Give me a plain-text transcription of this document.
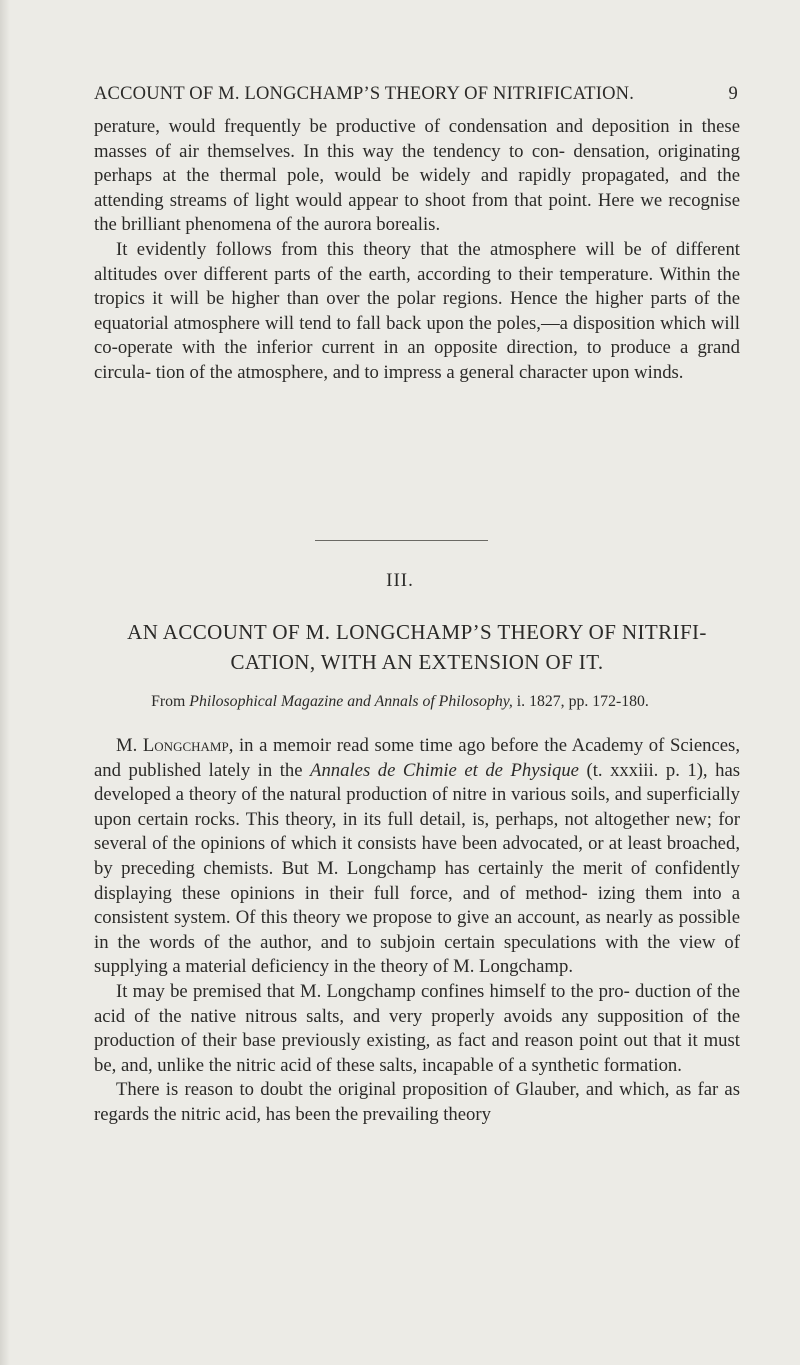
ACCOUNT OF M. LONGCHAMP’S THEORY OF NITRIFICATION.	9

perature, would frequently be productive of condensation and deposition in these masses of air themselves. In this way the tendency to con- densation, originating perhaps at the thermal pole, would be widely and rapidly propagated, and the attending streams of light would appear to shoot from that point. Here we recognise the brilliant phenomena of the aurora borealis.

It evidently follows from this theory that the atmosphere will be of different altitudes over different parts of the earth, according to their temperature. Within the tropics it will be higher than over the polar regions. Hence the higher parts of the equatorial atmosphere will tend to fall back upon the poles,—a disposition which will co-operate with the inferior current in an opposite direction, to produce a grand circula- tion of the atmosphere, and to impress a general character upon winds.

III.
AN ACCOUNT OF M. LONGCHAMP’S THEORY OF NITRIFI- CATION, WITH AN EXTENSION OF IT.
From Philosophical Magazine and Annals of Philosophy, i. 1827, pp. 172-180.

M. Longchamp, in a memoir read some time ago before the Academy of Sciences, and published lately in the Annales de Chimie et de Physique (t. xxxiii. p. 1), has developed a theory of the natural production of nitre in various soils, and superficially upon certain rocks. This theory, in its full detail, is, perhaps, not altogether new; for several of the opinions of which it consists have been advocated, or at least broached, by preceding chemists. But M. Longchamp has certainly the merit of confidently displaying these opinions in their full force, and of method- izing them into a consistent system. Of this theory we propose to give an account, as nearly as possible in the words of the author, and to subjoin certain speculations with the view of supplying a material deficiency in the theory of M. Longchamp.

It may be premised that M. Longchamp confines himself to the pro- duction of the acid of the native nitrous salts, and very properly avoids any supposition of the production of their base previously existing, as fact and reason point out that it must be, and, unlike the nitric acid of these salts, incapable of a synthetic formation.

There is reason to doubt the original proposition of Glauber, and which, as far as regards the nitric acid, has been the prevailing theory
